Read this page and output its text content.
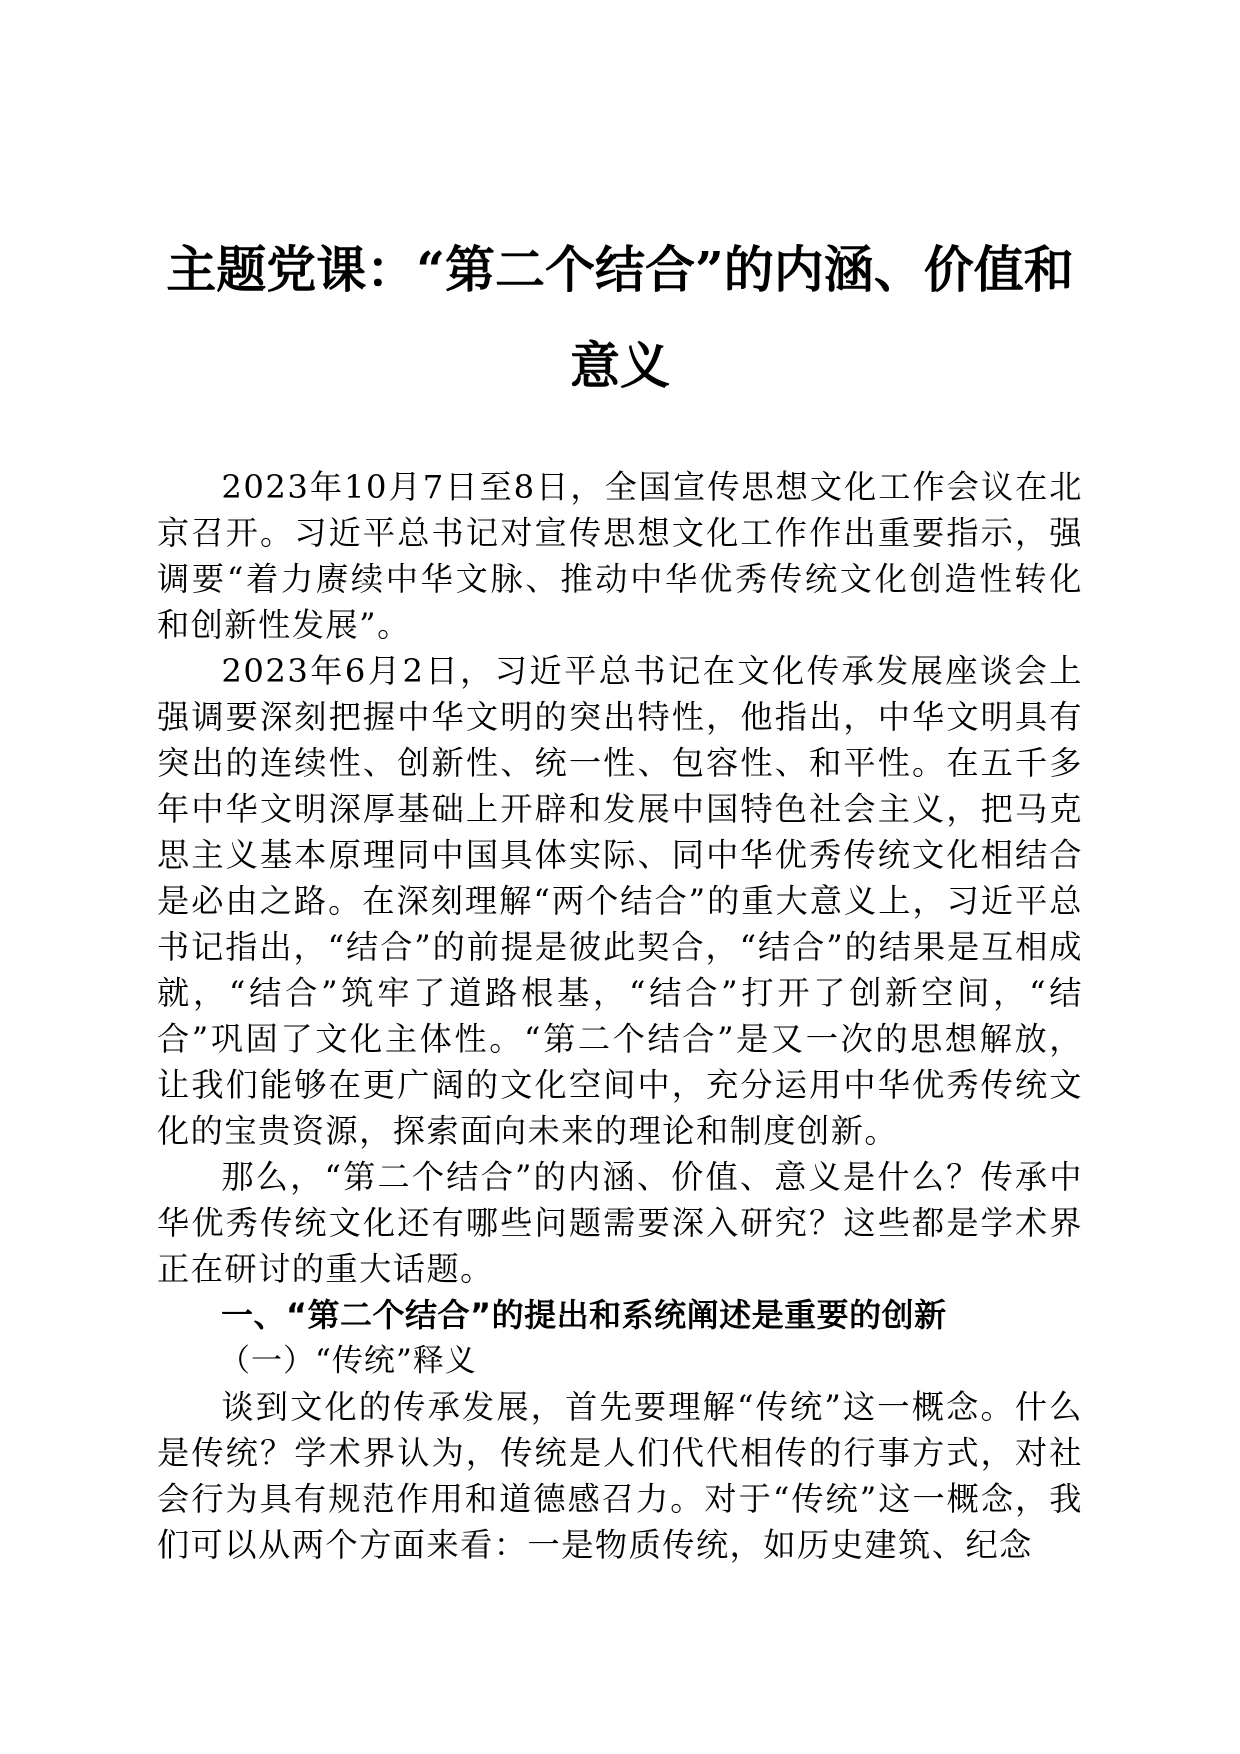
主题党课：“第二个结合”的内涵、价值和意义

2023年10月7日至8日，全国宣传思想文化工作会议在北京召开。习近平总书记对宣传思想文化工作作出重要指示，强调要“着力赓续中华文脉、推动中华优秀传统文化创造性转化和创新性发展”。

2023年6月2日，习近平总书记在文化传承发展座谈会上强调要深刻把握中华文明的突出特性，他指出，中华文明具有突出的连续性、创新性、统一性、包容性、和平性。在五千多年中华文明深厚基础上开辟和发展中国特色社会主义，把马克思主义基本原理同中国具体实际、同中华优秀传统文化相结合是必由之路。在深刻理解“两个结合”的重大意义上，习近平总书记指出，“结合”的前提是彼此契合，“结合”的结果是互相成就，“结合”筑牢了道路根基，“结合”打开了创新空间，“结合”巩固了文化主体性。“第二个结合”是又一次的思想解放，让我们能够在更广阔的文化空间中，充分运用中华优秀传统文化的宝贵资源，探索面向未来的理论和制度创新。

那么，“第二个结合”的内涵、价值、意义是什么？传承中华优秀传统文化还有哪些问题需要深入研究？这些都是学术界正在研讨的重大话题。

一、“第二个结合”的提出和系统阐述是重要的创新

（一）“传统”释义

谈到文化的传承发展，首先要理解“传统”这一概念。什么是传统？学术界认为，传统是人们代代相传的行事方式，对社会行为具有规范作用和道德感召力。对于“传统”这一概念，我们可以从两个方面来看：一是物质传统，如历史建筑、纪念
